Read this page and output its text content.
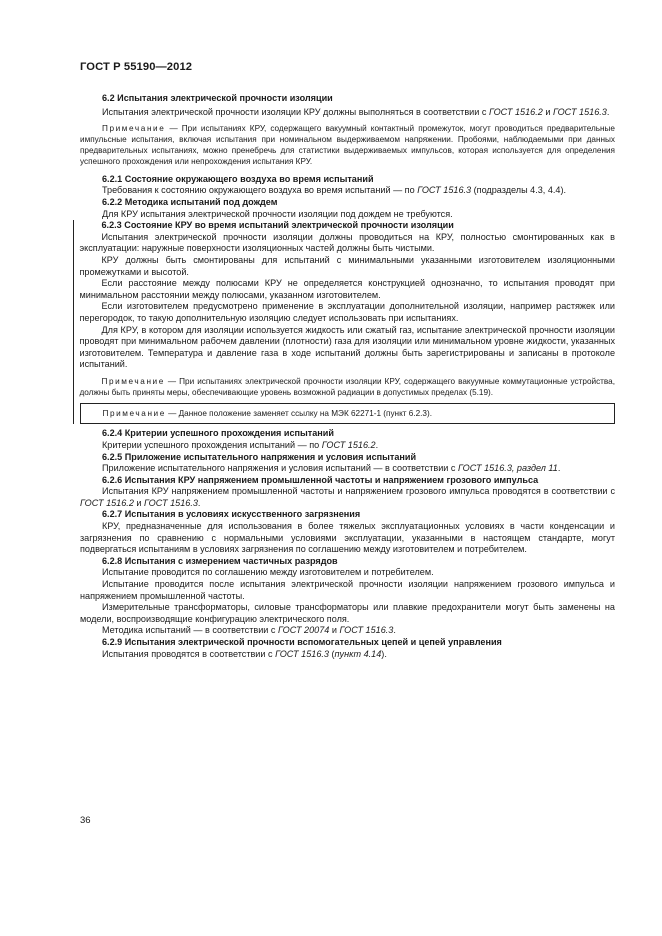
ГОСТ Р 55190—2012

6.2 Испытания электрической прочности изоляции

Испытания электрической прочности изоляции КРУ должны выполняться в соответствии с ГОСТ 1516.2 и ГОСТ 1516.3.

Примечание — При испытаниях КРУ, содержащего вакуумный контактный промежуток, могут проводиться предварительные импульсные испытания, включая испытания при номинальном выдерживаемом напряжении. Пробоями, наблюдаемыми при данных предварительных испытаниях, можно пренебречь для статистики выдерживаемых импульсов, которая используется для определения успешного прохождения или непрохождения испытания КРУ.

6.2.1 Состояние окружающего воздуха во время испытаний

Требования к состоянию окружающего воздуха во время испытаний — по ГОСТ 1516.3 (подразделы 4.3, 4.4).

6.2.2 Методика испытаний под дождем

Для КРУ испытания электрической прочности изоляции под дождем не требуются.

6.2.3 Состояние КРУ во время испытаний электрической прочности изоляции

Испытания электрической прочности изоляции должны проводиться на КРУ, полностью смонтированных как в эксплуатации: наружные поверхности изоляционных частей должны быть чистыми.

КРУ должны быть смонтированы для испытаний с минимальными указанными изготовителем изоляционными промежутками и высотой.

Если расстояние между полюсами КРУ не определяется конструкцией однозначно, то испытания проводят при минимальном расстоянии между полюсами, указанном изготовителем.

Если изготовителем предусмотрено применение в эксплуатации дополнительной изоляции, например растяжек или перегородок, то такую дополнительную изоляцию следует использовать при испытаниях.

Для КРУ, в котором для изоляции используется жидкость или сжатый газ, испытание электрической прочности изоляции проводят при минимальном рабочем давлении (плотности) газа для изоляции или минимальном уровне жидкости, указанных изготовителем. Температура и давление газа в ходе испытаний должны быть зарегистрированы и записаны в протоколе испытаний.

Примечание — При испытаниях электрической прочности изоляции КРУ, содержащего вакуумные коммутационные устройства, должны быть приняты меры, обеспечивающие уровень возможной радиации в допустимых пределах (5.19).

Примечание — Данное положение заменяет ссылку на МЭК 62271-1 (пункт 6.2.3).

6.2.4 Критерии успешного прохождения испытаний

Критерии успешного прохождения испытаний — по ГОСТ 1516.2.

6.2.5 Приложение испытательного напряжения и условия испытаний

Приложение испытательного напряжения и условия испытаний — в соответствии с ГОСТ 1516.3, раздел 11.

6.2.6 Испытания КРУ напряжением промышленной частоты и напряжением грозового импульса

Испытания КРУ напряжением промышленной частоты и напряжением грозового импульса проводятся в соответствии с ГОСТ 1516.2 и ГОСТ 1516.3.

6.2.7 Испытания в условиях искусственного загрязнения

КРУ, предназначенные для использования в более тяжелых эксплуатационных условиях в части конденсации и загрязнения по сравнению с нормальными условиями эксплуатации, указанными в настоящем стандарте, могут подвергаться испытаниям в условиях загрязнения по соглашению между изготовителем и потребителем.

6.2.8 Испытания с измерением частичных разрядов

Испытание проводится по соглашению между изготовителем и потребителем.

Испытание проводится после испытания электрической прочности изоляции напряжением грозового импульса и напряжением промышленной частоты.

Измерительные трансформаторы, силовые трансформаторы или плавкие предохранители могут быть заменены на модели, воспроизводящие конфигурацию электрического поля.

Методика испытаний — в соответствии с ГОСТ 20074 и ГОСТ 1516.3.

6.2.9 Испытания электрической прочности вспомогательных цепей и цепей управления

Испытания проводятся в соответствии с ГОСТ 1516.3 (пункт 4.14).

36
